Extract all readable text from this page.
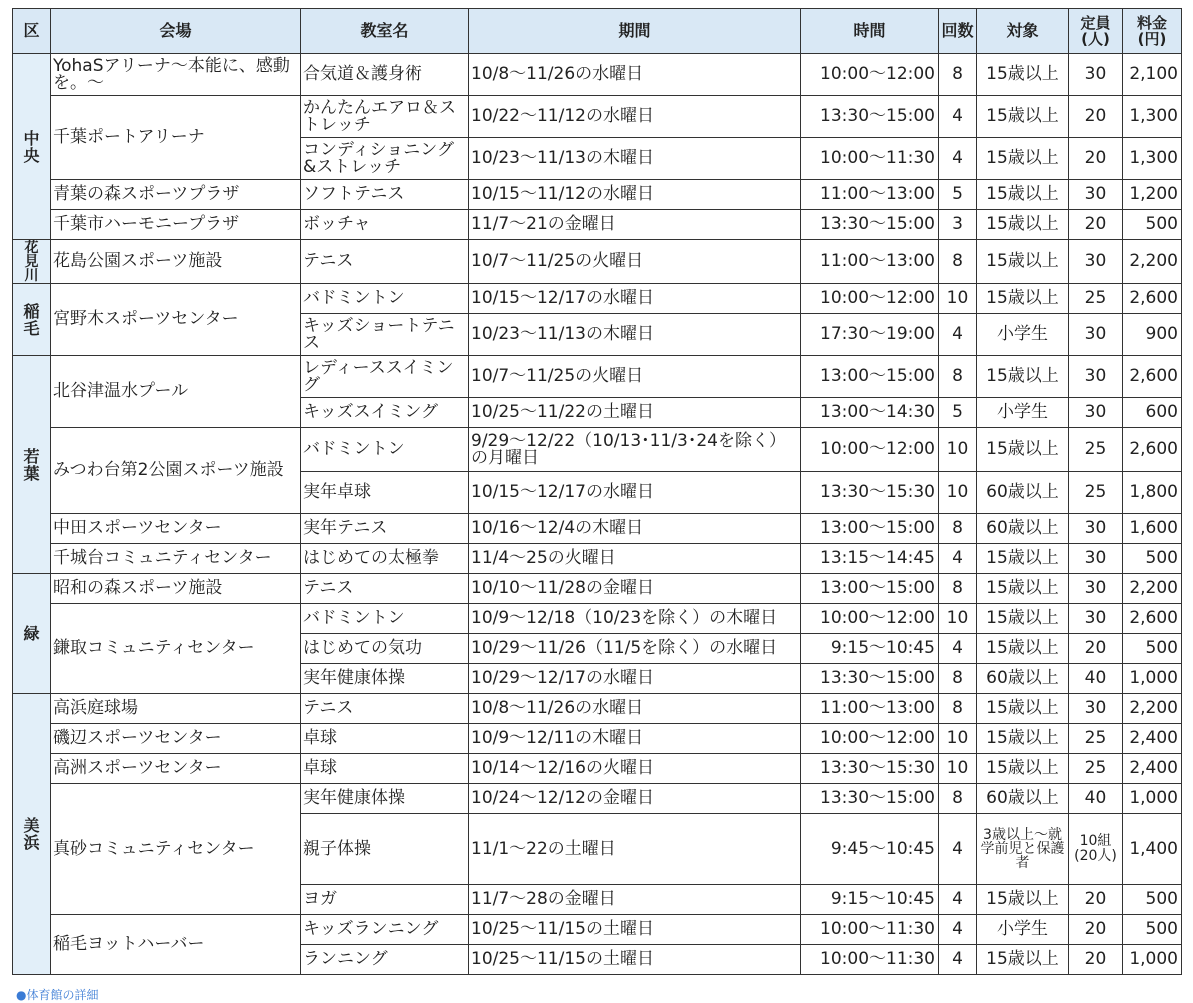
区	会場	教室名	期間	時間	回数	対象	定員(人)	料金(円)
中央	YohaSアリーナ〜本能に、感動を。〜	合気道＆護身術	10/8〜11/26の水曜日	10:00〜12:00	8	15歳以上	30	2,100
	千葉ポートアリーナ	かんたんエアロ＆ストレッチ	10/22〜11/12の水曜日	13:30〜15:00	4	15歳以上	20	1,300
		コンディショニング&ストレッチ	10/23〜11/13の木曜日	10:00〜11:30	4	15歳以上	20	1,300
	青葉の森スポーツプラザ	ソフトテニス	10/15〜11/12の水曜日	11:00〜13:00	5	15歳以上	30	1,200
	千葉市ハーモニープラザ	ボッチャ	11/7〜21の金曜日	13:30〜15:00	3	15歳以上	20	500
花見川	花島公園スポーツ施設	テニス	10/7〜11/25の火曜日	11:00〜13:00	8	15歳以上	30	2,200
稲毛	宮野木スポーツセンター	バドミントン	10/15〜12/17の水曜日	10:00〜12:00	10	15歳以上	25	2,600
		キッズショートテニス	10/23〜11/13の木曜日	17:30〜19:00	4	小学生	30	900
若葉	北谷津温水プール	レディーススイミング	10/7〜11/25の火曜日	13:00〜15:00	8	15歳以上	30	2,600
		キッズスイミング	10/25〜11/22の土曜日	13:00〜14:30	5	小学生	30	600
	みつわ台第2公園スポーツ施設	バドミントン	9/29〜12/22（10/13･11/3･24を除く）の月曜日	10:00〜12:00	10	15歳以上	25	2,600
		実年卓球	10/15〜12/17の水曜日	13:30〜15:30	10	60歳以上	25	1,800
	中田スポーツセンター	実年テニス	10/16〜12/4の木曜日	13:00〜15:00	8	60歳以上	30	1,600
	千城台コミュニティセンター	はじめての太極拳	11/4〜25の火曜日	13:15〜14:45	4	15歳以上	30	500
緑	昭和の森スポーツ施設	テニス	10/10〜11/28の金曜日	13:00〜15:00	8	15歳以上	30	2,200
	鎌取コミュニティセンター	バドミントン	10/9〜12/18（10/23を除く）の木曜日	10:00〜12:00	10	15歳以上	30	2,600
		はじめての気功	10/29〜11/26（11/5を除く）の水曜日	9:15〜10:45	4	15歳以上	20	500
		実年健康体操	10/29〜12/17の水曜日	13:30〜15:00	8	60歳以上	40	1,000
美浜	高浜庭球場	テニス	10/8〜11/26の水曜日	11:00〜13:00	8	15歳以上	30	2,200
	磯辺スポーツセンター	卓球	10/9〜12/11の木曜日	10:00〜12:00	10	15歳以上	25	2,400
	高洲スポーツセンター	卓球	10/14〜12/16の火曜日	13:30〜15:30	10	15歳以上	25	2,400
	真砂コミュニティセンター	実年健康体操	10/24〜12/12の金曜日	13:30〜15:00	8	60歳以上	40	1,000
		親子体操	11/1〜22の土曜日	9:45〜10:45	4	3歳以上〜就学前児と保護者	10組(20人)	1,400
		ヨガ	11/7〜28の金曜日	9:15〜10:45	4	15歳以上	20	500
	稲毛ヨットハーバー	キッズランニング	10/25〜11/15の土曜日	10:00〜11:30	4	小学生	20	500
		ランニング	10/25〜11/15の土曜日	10:00〜11:30	4	15歳以上	20	1,000
●体育館の詳細
